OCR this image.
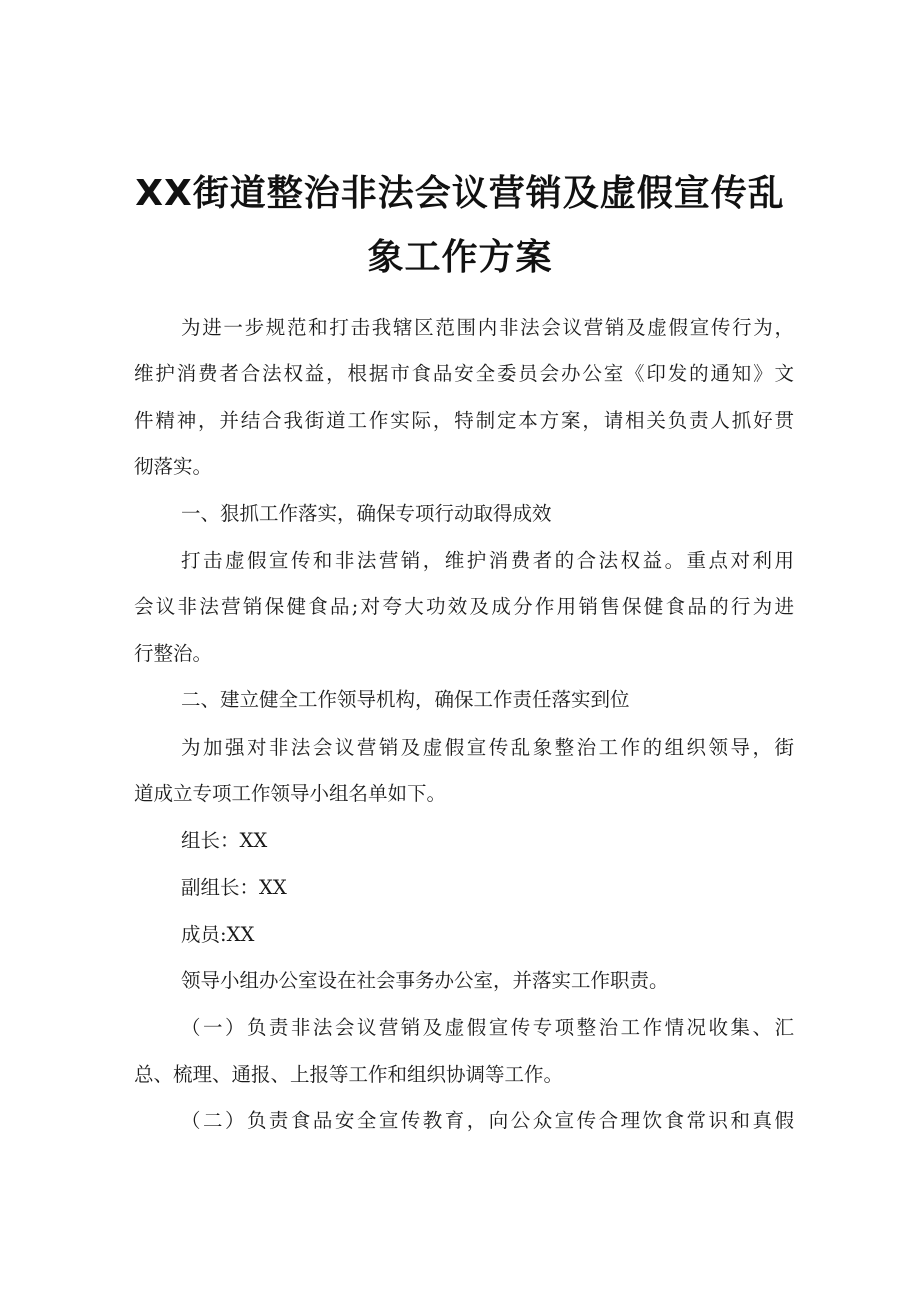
XX街道整治非法会议营销及虚假宣传乱
象工作方案
为进一步规范和打击我辖区范围内非法会议营销及虚假宣传行为，
维护消费者合法权益，根据市食品安全委员会办公室《印发的通知》文
件精神，并结合我街道工作实际，特制定本方案，请相关负责人抓好贯
彻落实。
一、狠抓工作落实，确保专项行动取得成效
打击虚假宣传和非法营销，维护消费者的合法权益。重点对利用
会议非法营销保健食品;对夸大功效及成分作用销售保健食品的行为进
行整治。
二、建立健全工作领导机构，确保工作责任落实到位
为加强对非法会议营销及虚假宣传乱象整治工作的组织领导，街
道成立专项工作领导小组名单如下。
组长：XX
副组长：XX
成员:XX
领导小组办公室设在社会事务办公室，并落实工作职责。
（一）负责非法会议营销及虚假宣传专项整治工作情况收集、汇
总、梳理、通报、上报等工作和组织协调等工作。
（二）负责食品安全宣传教育，向公众宣传合理饮食常识和真假
